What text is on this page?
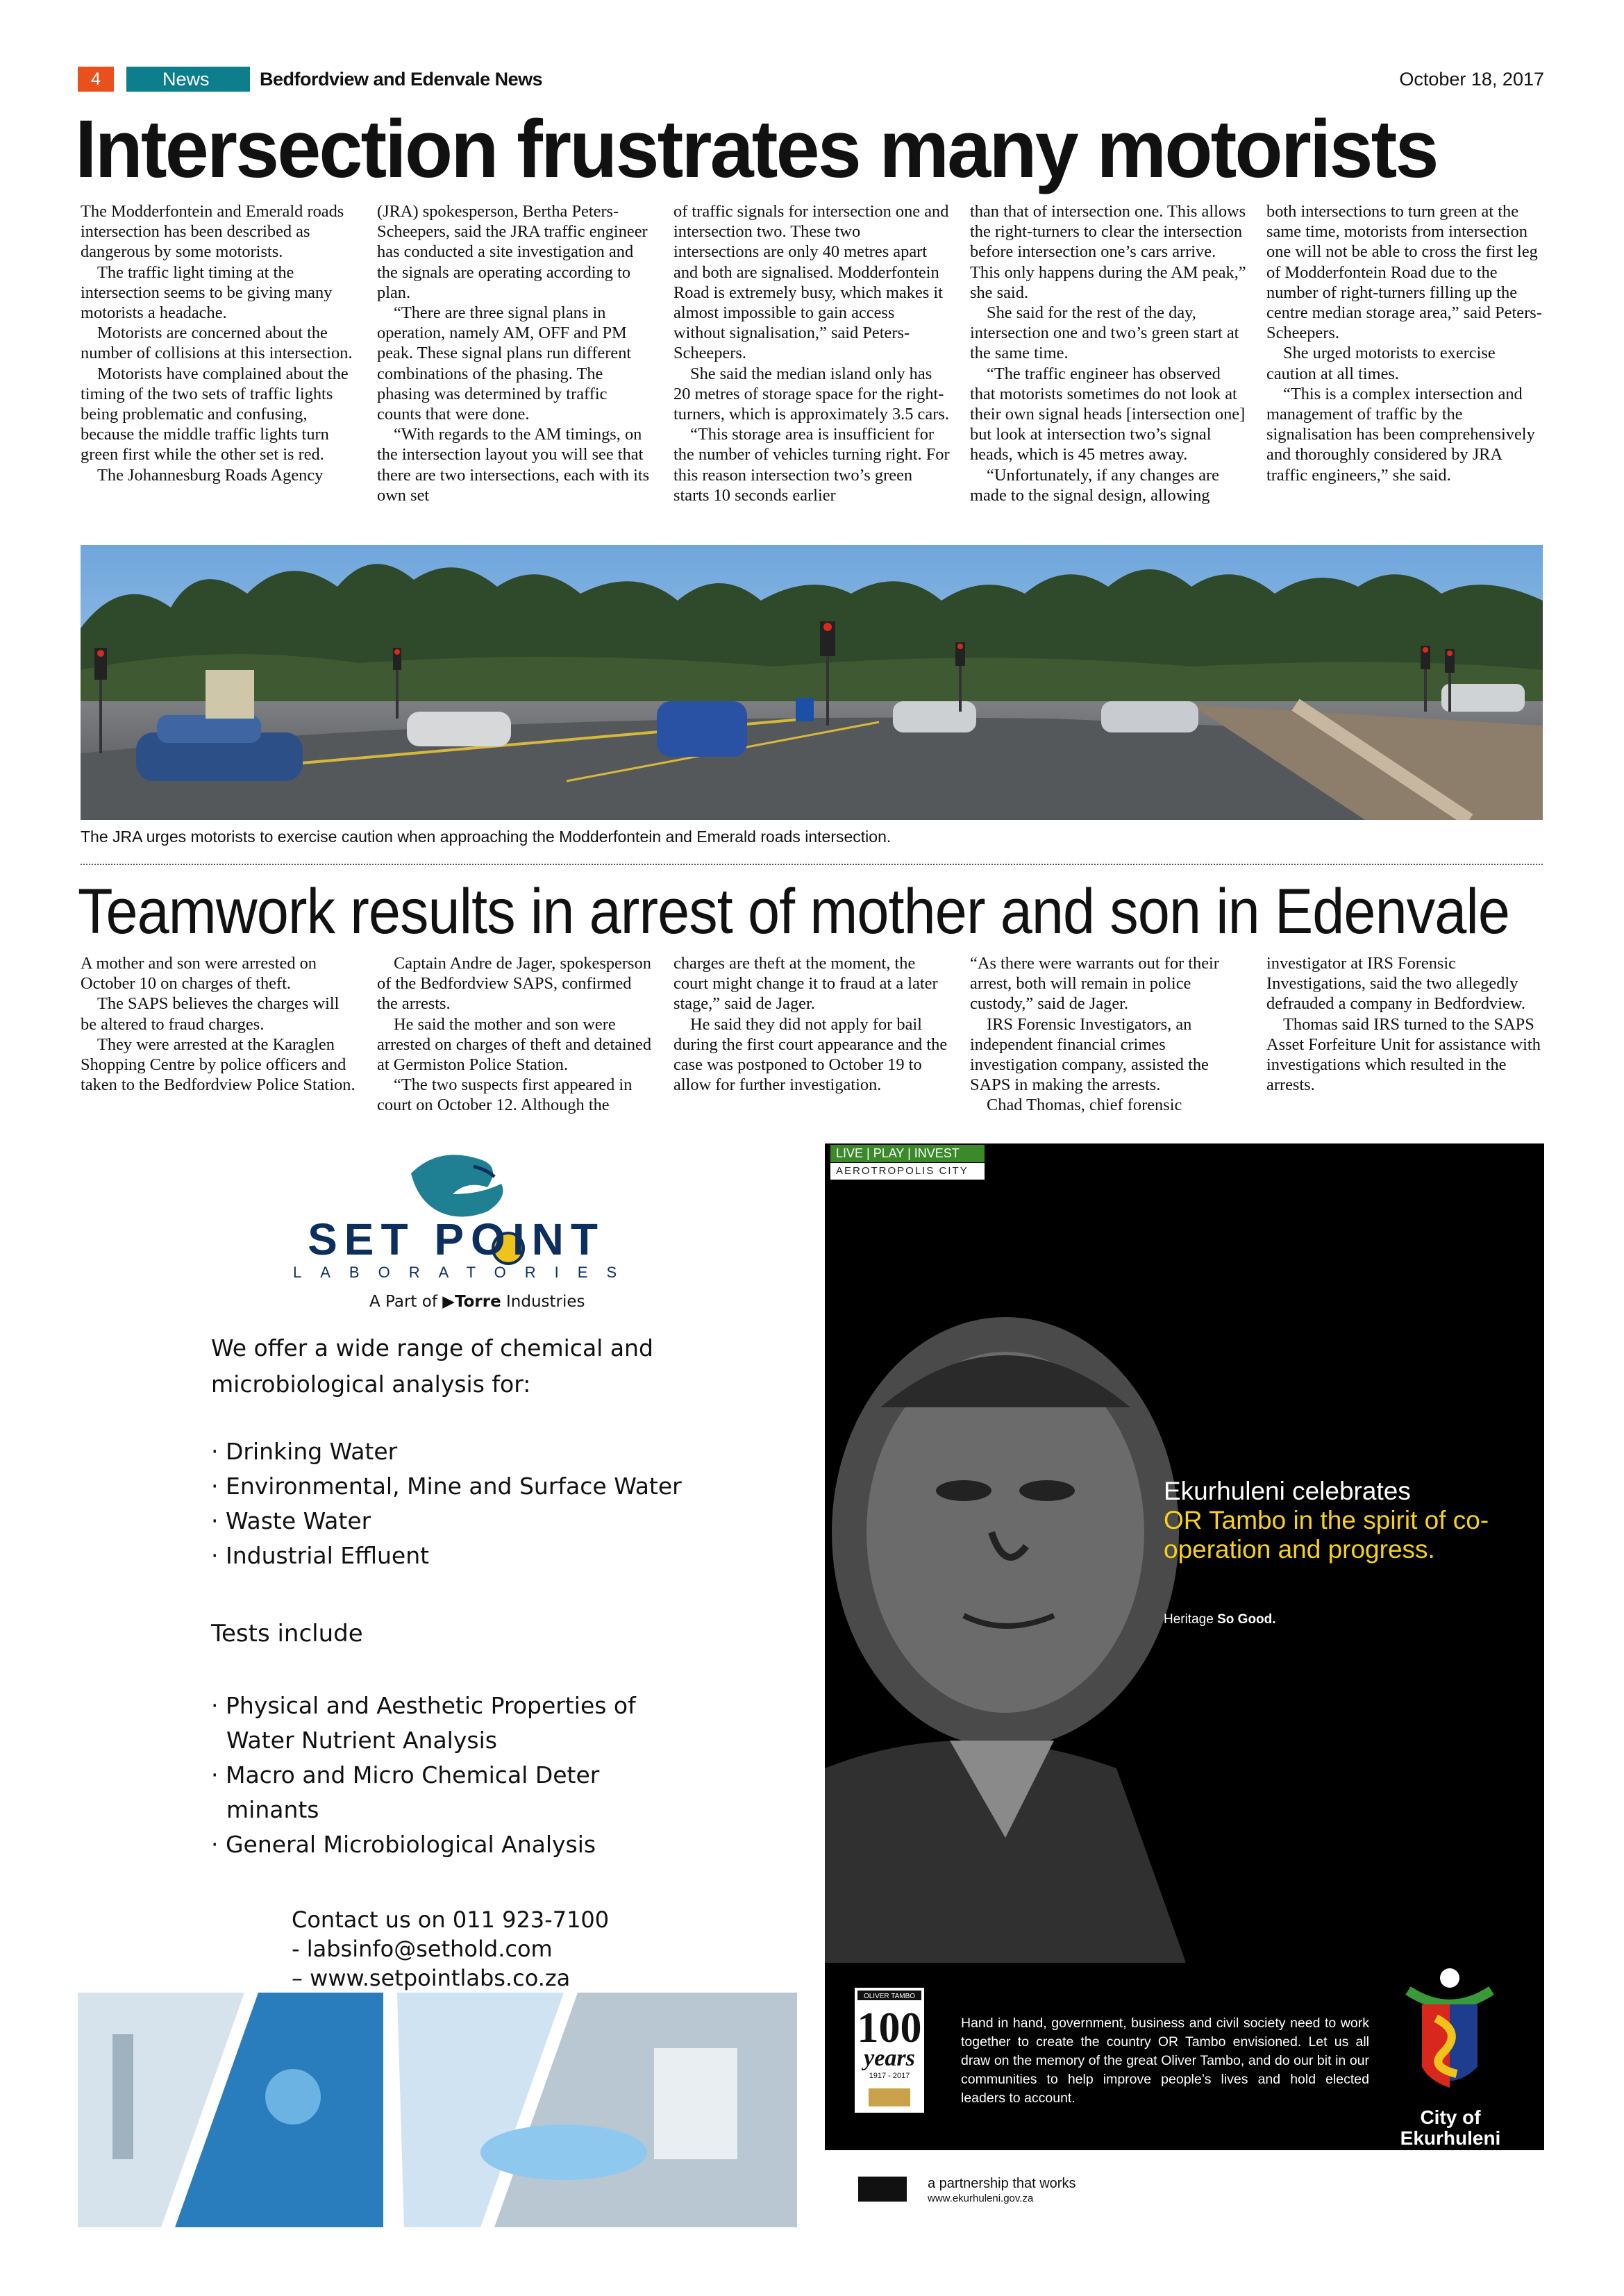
4	News	Bedfordview and Edenvale News	October 18, 2017
Intersection frustrates many motorists

The Modderfontein and Emerald roads intersection has been described as dangerous by some motorists.

The traffic light timing at the intersection seems to be giving many motorists a headache.

Motorists are concerned about the number of collisions at this intersection.

Motorists have complained about the timing of the two sets of traffic lights being problematic and confusing, because the middle traffic lights turn green first while the other set is red.

The Johannesburg Roads Agency

(JRA) spokesperson, Bertha Peters-Scheepers, said the JRA traffic engineer has conducted a site investigation and the signals are operating according to plan.

“There are three signal plans in operation, namely AM, OFF and PM peak. These signal plans run different combinations of the phasing. The phasing was determined by traffic counts that were done.

“With regards to the AM timings, on the intersection layout you will see that there are two intersections, each with its own set

of traffic signals for intersection one and intersection two. These two intersections are only 40 metres apart and both are signalised. Modderfontein Road is extremely busy, which makes it almost impossible to gain access without signalisation,” said Peters-Scheepers.

She said the median island only has 20 metres of storage space for the right-turners, which is approximately 3.5 cars.

“This storage area is insufficient for the number of vehicles turning right. For this reason intersection two’s green starts 10 seconds earlier

than that of intersection one. This allows the right-turners to clear the intersection before intersection one’s cars arrive. This only happens during the AM peak,” she said.

She said for the rest of the day, intersection one and two’s green start at the same time.

“The traffic engineer has observed that motorists sometimes do not look at their own signal heads [intersection one] but look at intersection two’s signal heads, which is 45 metres away.

“Unfortunately, if any changes are made to the signal design, allowing

both intersections to turn green at the same time, motorists from intersection one will not be able to cross the first leg of Modderfontein Road due to the number of right-turners filling up the centre median storage area,” said Peters-Scheepers.

She urged motorists to exercise caution at all times.

“This is a complex intersection and management of traffic by the signalisation has been comprehensively and thoroughly considered by JRA traffic engineers,” she said.

The JRA urges motorists to exercise caution when approaching the Modderfontein and Emerald roads intersection.
Teamwork results in arrest of mother and son in Edenvale

A mother and son were arrested on October 10 on charges of theft.

The SAPS believes the charges will be altered to fraud charges.

They were arrested at the Karaglen Shopping Centre by police officers and taken to the Bedfordview Police Station.

Captain Andre de Jager, spokesperson of the Bedfordview SAPS, confirmed the arrests.

He said the mother and son were arrested on charges of theft and detained at Germiston Police Station.

“The two suspects first appeared in court on October 12. Although the

charges are theft at the moment, the court might change it to fraud at a later stage,” said de Jager.

He said they did not apply for bail during the first court appearance and the case was postponed to October 19 to allow for further investigation.

“As there were warrants out for their arrest, both will remain in police custody,” said de Jager.

IRS Forensic Investigators, an independent financial crimes investigation company, assisted the SAPS in making the arrests.

Chad Thomas, chief forensic

investigator at IRS Forensic Investigations, said the two allegedly defrauded a company in Bedfordview.

Thomas said IRS turned to the SAPS Asset Forfeiture Unit for assistance with investigations which resulted in the arrests.

SET POINT
LABORATORIES
A Part of ▶Torre Industries
We offer a wide range of chemical and microbiological analysis for:
· Drinking Water
· Environmental, Mine and Surface Water
· Waste Water
· Industrial Effluent
Tests include
· Physical and Aesthetic Properties of Water Nutrient Analysis
· Macro and Micro Chemical Deter minants
· General Microbiological Analysis
Contact us on 011 923-7100
- labsinfo@sethold.com
– www.setpointlabs.co.za
LIVE | PLAY | INVEST
AEROTROPOLIS CITY
Ekurhuleni celebrates
OR Tambo in the spirit of co-operation and progress.
Heritage So Good.
OLIVER TAMBO
100
years
1917 - 2017
Hand in hand, government, business and civil society need to work together to create the country OR Tambo envisioned. Let us all draw on the memory of the great Oliver Tambo, and do our bit in our communities to help improve people’s lives and hold elected leaders to account.
City of Ekurhuleni
a partnership that works
www.ekurhuleni.gov.za
